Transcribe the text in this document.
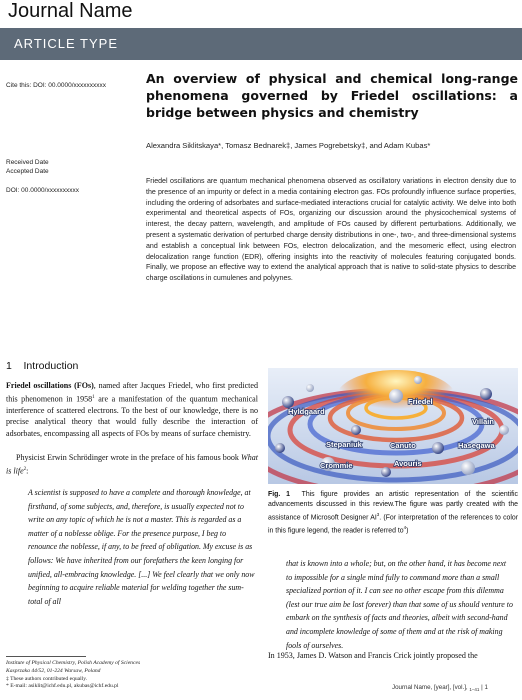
Journal Name
ARTICLE TYPE
Cite this: DOI: 00.0000/xxxxxxxxxx
Received Date
Accepted Date
DOI: 00.0000/xxxxxxxxxx
An overview of physical and chemical long-range phenomena governed by Friedel oscillations: a bridge between physics and chemistry
Alexandra Siklitskaya*, Tomasz Bednarek‡, James Pogrebetsky‡, and Adam Kubas*
Friedel oscillations are quantum mechanical phenomena observed as oscillatory variations in electron density due to the presence of an impurity or defect in a media containing electron gas. FOs profoundly influence surface properties, including the ordering of adsorbates and surface-mediated interactions crucial for catalytic activity. We delve into both experimental and theoretical aspects of FOs, organizing our discussion around the physicochemical systems of interest, the decay pattern, wavelength, and amplitude of FOs caused by different perturbations. Additionally, we present a systematic derivation of perturbed charge density distributions in one-, two-, and three-dimensional systems and establish a conceptual link between FOs, electron delocalization, and the mesomeric effect, using electron delocalization range function (EDR), offering insights into the reactivity of molecules featuring conjugated bonds. Finally, we propose an effective way to extend the analytical approach that is native to solid-state physics to describe charge oscillations in cumulenes and polyynes.
1 Introduction
Friedel oscillations (FOs), named after Jacques Friedel, who first predicted this phenomenon in 1958$^1$ are a manifestation of the quantum mechanical interference of scattered electrons. To the best of our knowledge, there is no precise analytical theory that would fully describe the interaction of adsorbates, encompassing all aspects of FOs by means of surface chemistry.
Physicist Erwin Schrödinger wrote in the preface of his famous book What is life$^2$:
A scientist is supposed to have a complete and thorough knowledge, at firsthand, of some subjects, and, therefore, is usually expected not to write on any topic of which he is not a master. This is regarded as a matter of a noblesse oblige. For the presence purpose, I beg to renounce the noblesse, if any, to be freed of obligation. My excuse is as follows: We have inherited from our forefathers the keen longing for unified, all-embracing knowledge. [...] We feel clearly that we only now beginning to acquire reliable material for welding together the sum-total of all
Institute of Physical Chemistry, Polish Academy of Sciences
Kasprzaka 44/52, 01-224 Warsaw, Poland
‡ These authors contributed equally.
* E-mail: asiklit@ichf.edu.pl, akubas@ichf.edu.pl
Hyldgaard
Friedel
Villain
Stepaniuk	Canuto	Hasegawa
Crommie	Avouris
Fig. 1 This figure provides an artistic representation of the scientific advancements discussed in this review.The figure was partly created with the assistance of Microsoft Designer $AI^3$. (For interpretation of the references to color in this figure legend, the reader is referred $to^4$)
that is known into a whole; but, on the other hand, it has become next to impossible for a single mind fully to command more than a small specialized portion of it. I can see no other escape from this dilemma (lest our true aim be lost forever) than that some of us should venture to embark on the synthesis of facts and theories, albeit with second-hand and incomplete knowledge of some of them and at the risk of making fools of ourselves.
In 1953, James D. Watson and Francis Crick jointly proposed the
Journal Name, [year], [vol.], $_{1-41}$ | 1
